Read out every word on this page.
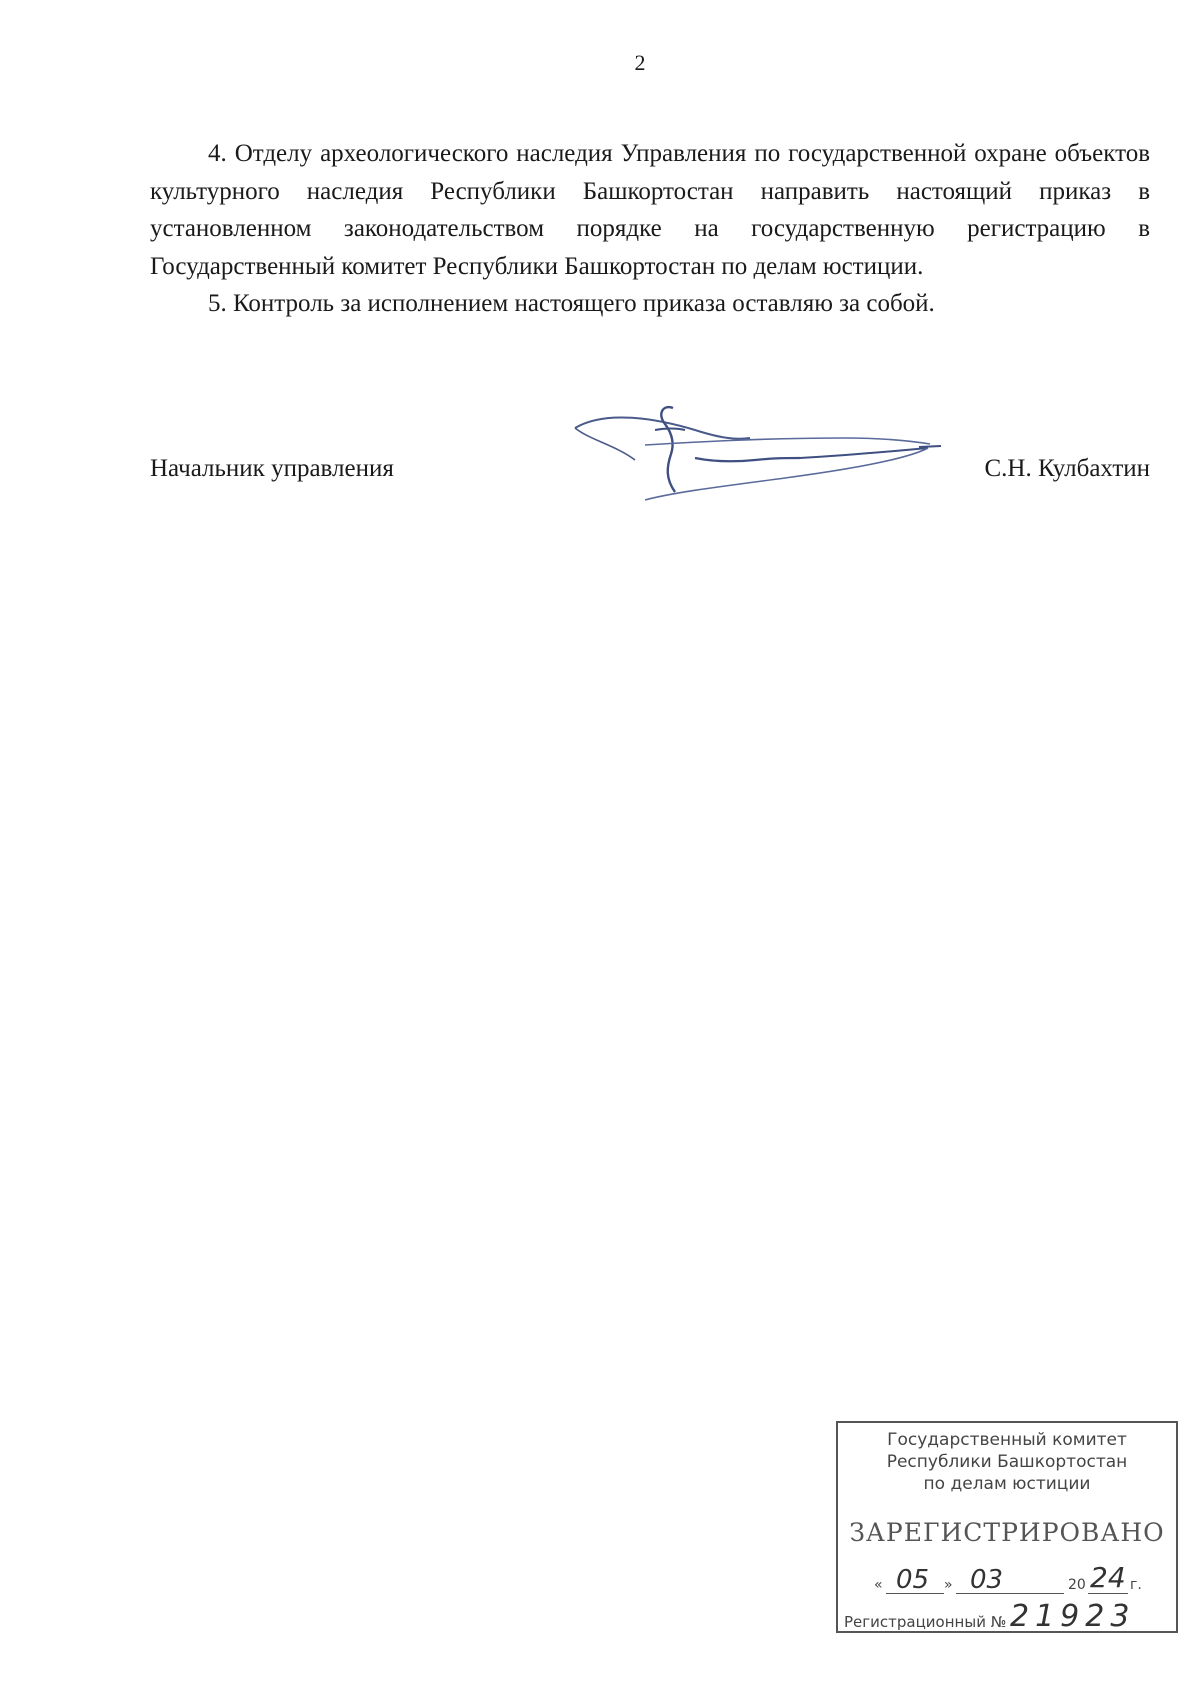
2

4. Отделу археологического наследия Управления по государственной охране объектов культурного наследия Республики Башкортостан направить настоящий приказ в установленном законодательством порядке на государственную регистрацию в Государственный комитет Республики Башкортостан по делам юстиции.

5. Контроль за исполнением настоящего приказа оставляю за собой.

Начальник управления	С.Н. Кулбахтин
Государственный комитет
Республики Башкортостан
по делам юстиции
ЗАРЕГИСТРИРОВАНО
« 05 » 03	20 24 г.
Регистрационный № 21923
